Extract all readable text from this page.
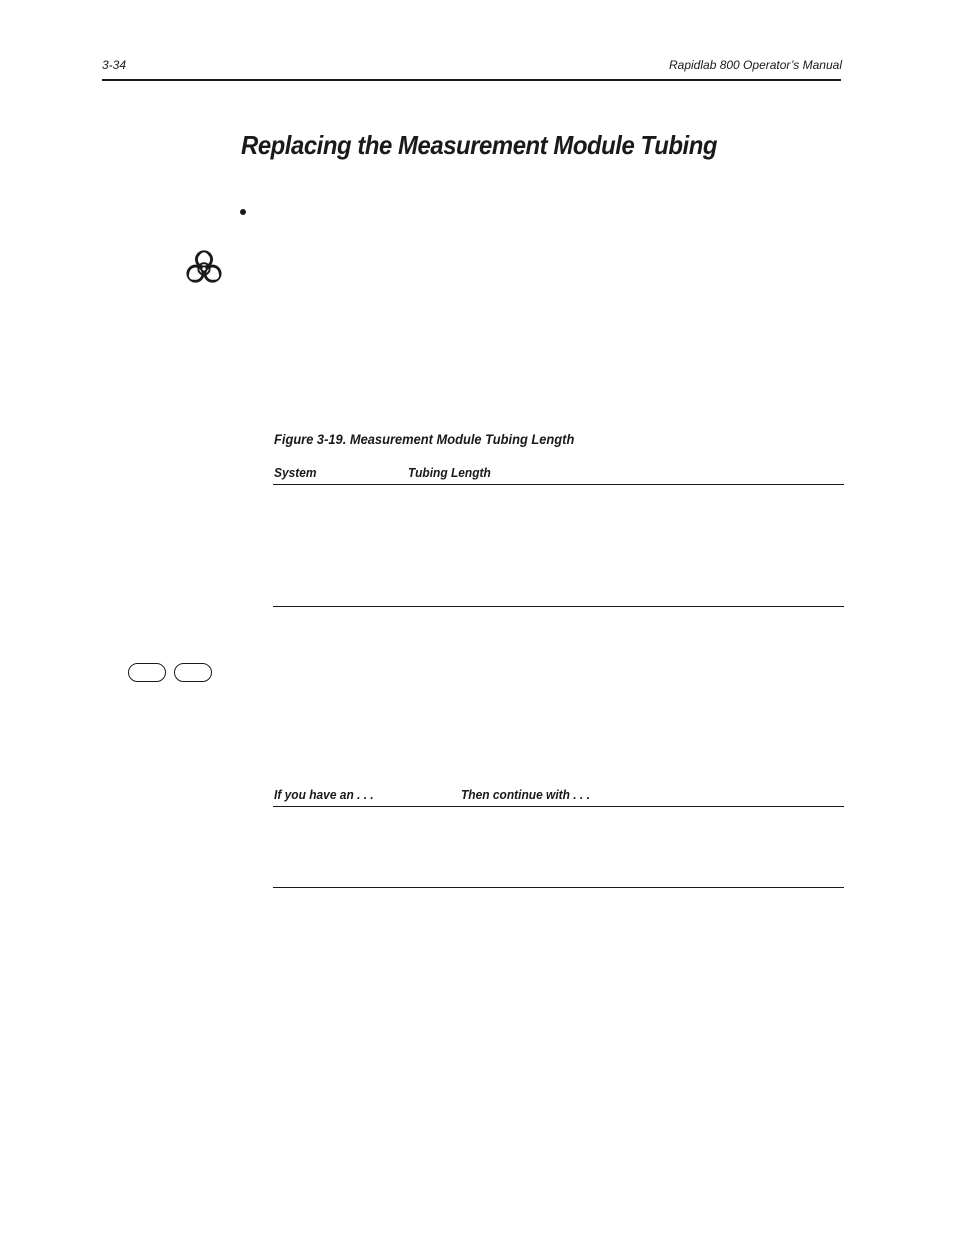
3-34	Rapidlab 800 Operator’s Manual
Replacing the Measurement Module Tubing
Figure 3-19. Measurement Module Tubing Length
System	Tubing Length
If you have an . . .	Then continue with . . .
